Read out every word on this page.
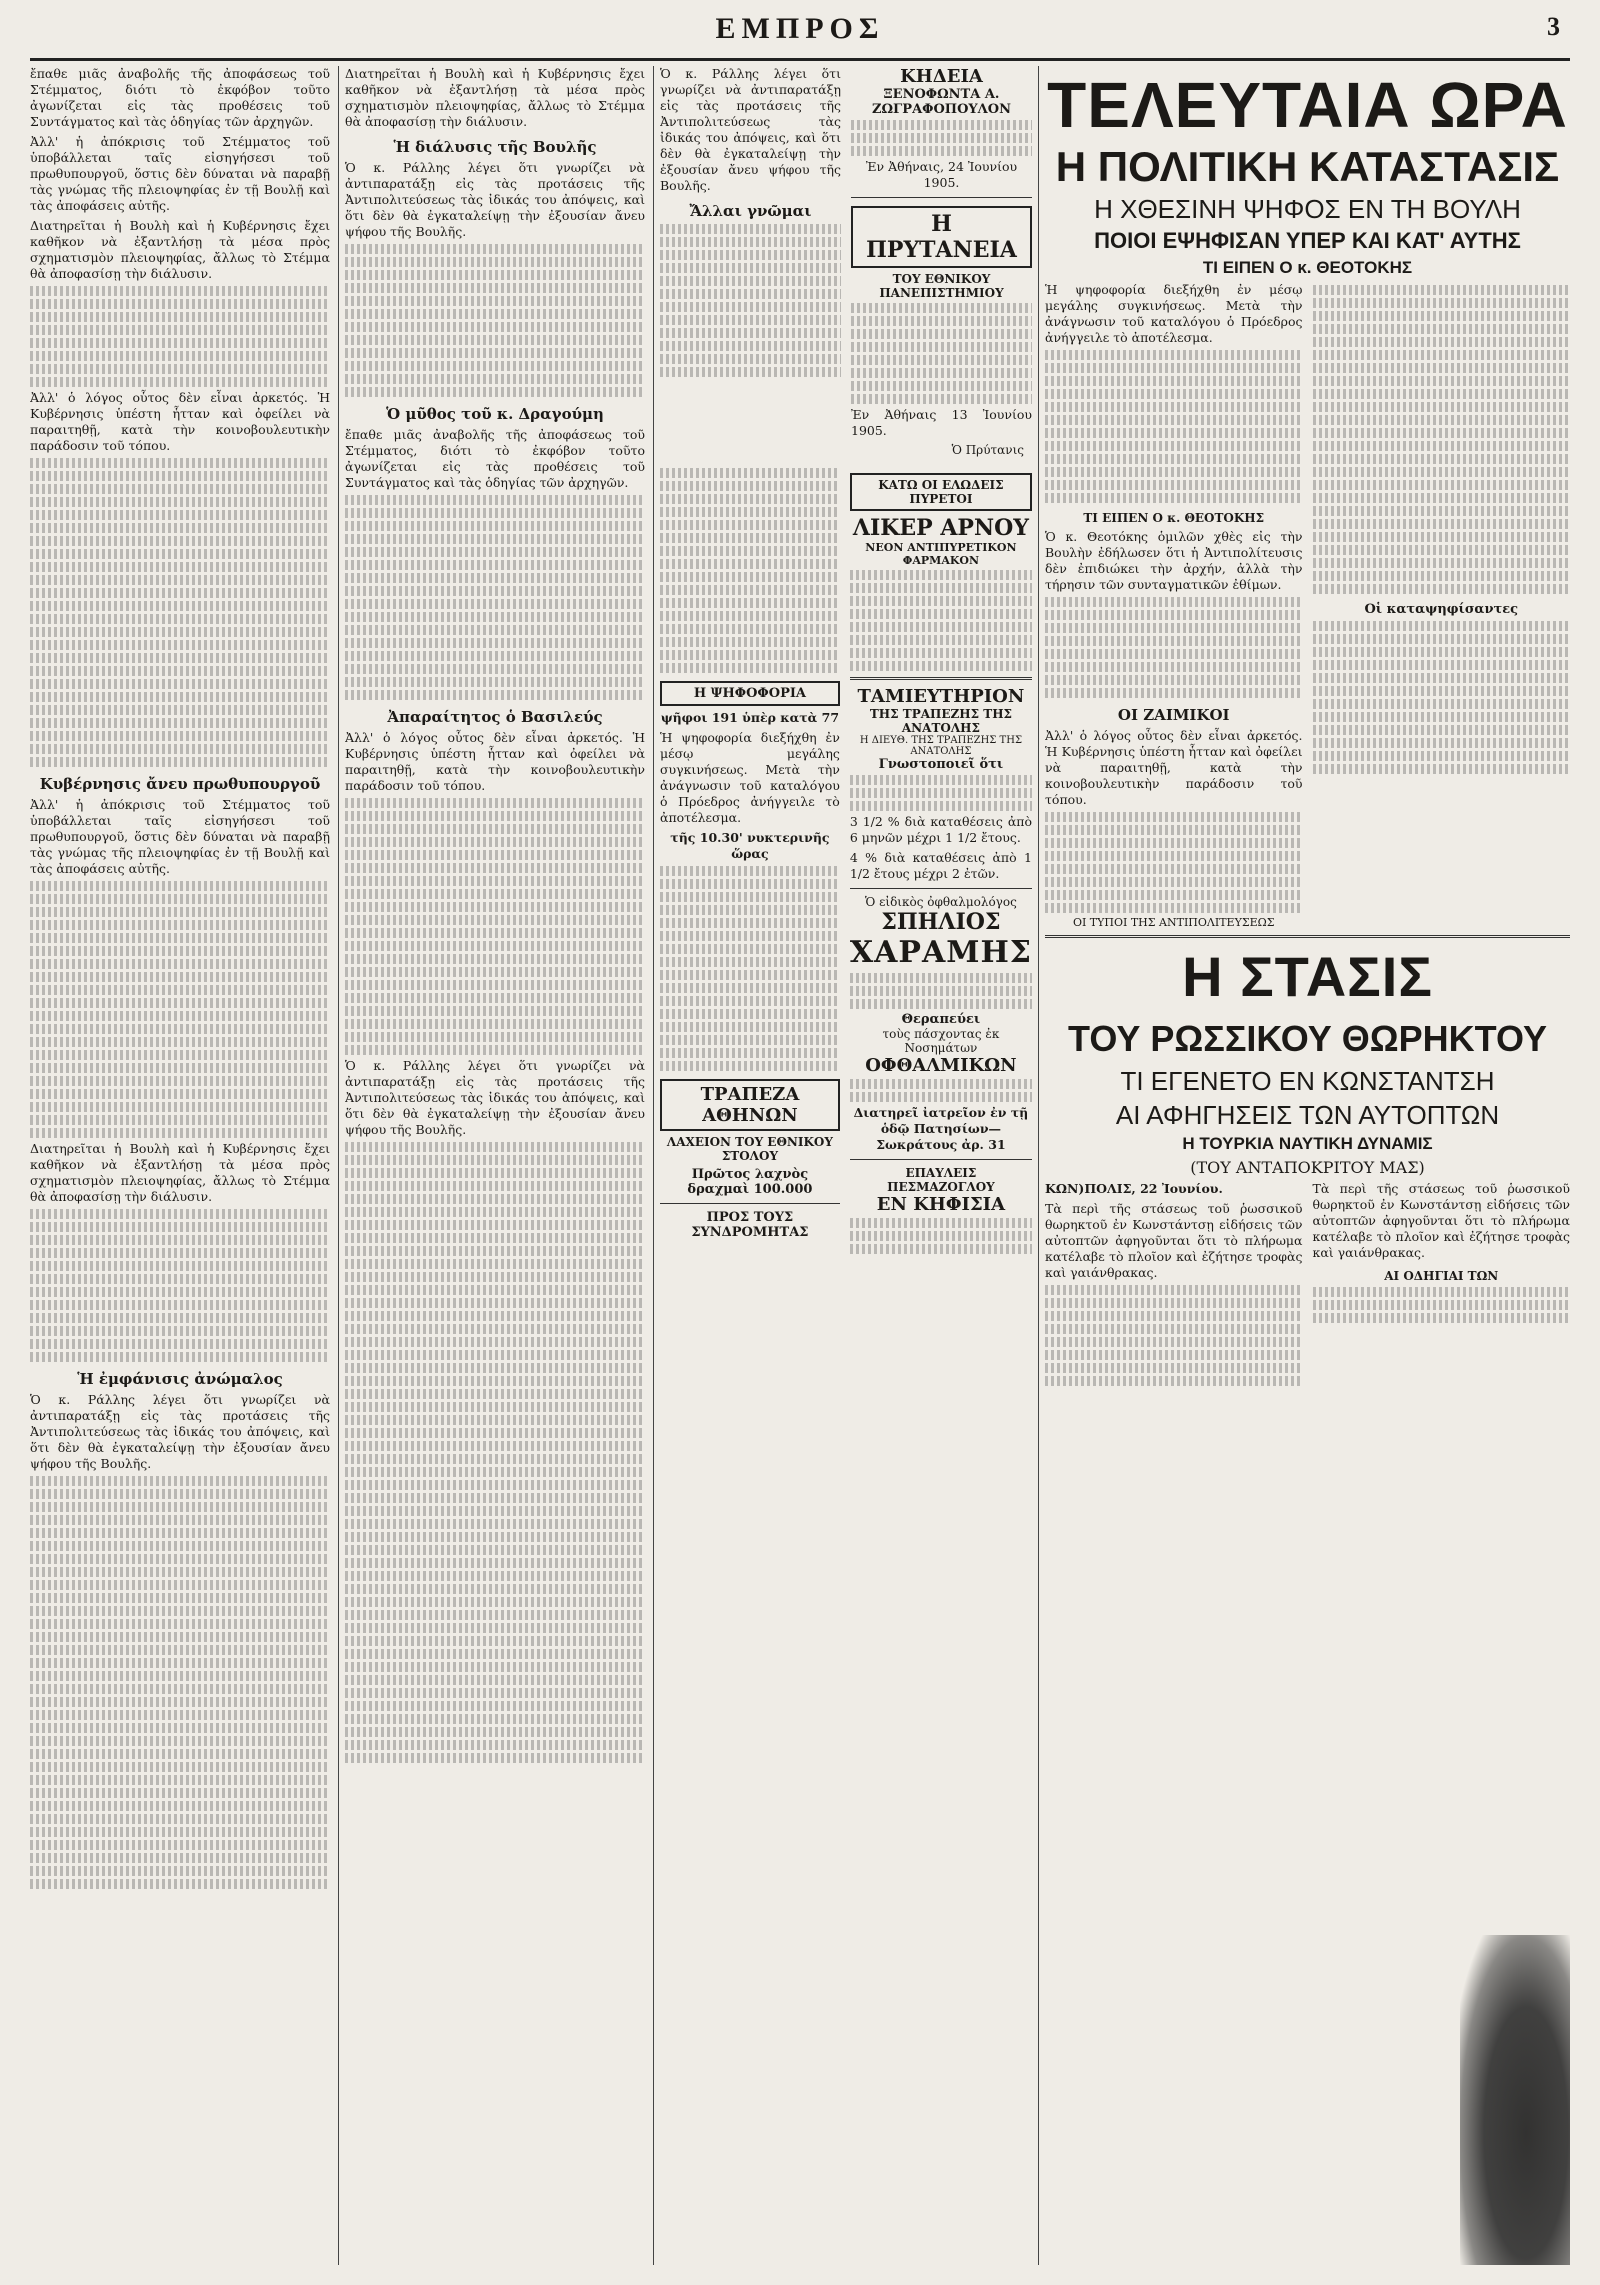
ΕΜΠΡΟΣ	3

ἔπαθε μιᾶς ἀναβολῆς τῆς ἀποφάσεως τοῦ Στέμματος, διότι τὸ ἐκφόβον τοῦτο ἀγωνίζεται εἰς τὰς προθέσεις τοῦ Συντάγματος καὶ τὰς ὁδηγίας τῶν ἀρχηγῶν.

Ἀλλ' ἡ ἀπόκρισις τοῦ Στέμματος τοῦ ὑποβάλλεται ταῖς εἰσηγήσεσι τοῦ πρωθυπουργοῦ, ὅστις δὲν δύναται νὰ παραβῇ τὰς γνώμας τῆς πλειοψηφίας ἐν τῇ Βουλῇ καὶ τὰς ἀποφάσεις αὐτῆς.

Διατηρεῖται ἡ Βουλὴ καὶ ἡ Κυβέρνησις ἔχει καθῆκον νὰ ἐξαντλήσῃ τὰ μέσα πρὸς σχηματισμὸν πλειοψηφίας, ἄλλως τὸ Στέμμα θὰ ἀποφασίσῃ τὴν διάλυσιν.

Ἀλλ' ὁ λόγος οὗτος δὲν εἶναι ἀρκετός. Ἡ Κυβέρνησις ὑπέστη ἧτταν καὶ ὀφείλει νὰ παραιτηθῇ, κατὰ τὴν κοινοβουλευτικὴν παράδοσιν τοῦ τόπου.

Κυβέρνησις ἄνευ πρωθυπουργοῦ

Ἀλλ' ἡ ἀπόκρισις τοῦ Στέμματος τοῦ ὑποβάλλεται ταῖς εἰσηγήσεσι τοῦ πρωθυπουργοῦ, ὅστις δὲν δύναται νὰ παραβῇ τὰς γνώμας τῆς πλειοψηφίας ἐν τῇ Βουλῇ καὶ τὰς ἀποφάσεις αὐτῆς.

Διατηρεῖται ἡ Βουλὴ καὶ ἡ Κυβέρνησις ἔχει καθῆκον νὰ ἐξαντλήσῃ τὰ μέσα πρὸς σχηματισμὸν πλειοψηφίας, ἄλλως τὸ Στέμμα θὰ ἀποφασίσῃ τὴν διάλυσιν.

Ἡ ἐμφάνισις ἀνώμαλος

Ὁ κ. Ράλλης λέγει ὅτι γνωρίζει νὰ ἀντιπαρατάξῃ εἰς τὰς προτάσεις τῆς Ἀντιπολιτεύσεως τὰς ἰδικάς του ἀπόψεις, καὶ ὅτι δὲν θὰ ἐγκαταλείψῃ τὴν ἐξουσίαν ἄνευ ψήφου τῆς Βουλῆς.

Διατηρεῖται ἡ Βουλὴ καὶ ἡ Κυβέρνησις ἔχει καθῆκον νὰ ἐξαντλήσῃ τὰ μέσα πρὸς σχηματισμὸν πλειοψηφίας, ἄλλως τὸ Στέμμα θὰ ἀποφασίσῃ τὴν διάλυσιν.

Ἡ διάλυσις τῆς Βουλῆς

Ὁ κ. Ράλλης λέγει ὅτι γνωρίζει νὰ ἀντιπαρατάξῃ εἰς τὰς προτάσεις τῆς Ἀντιπολιτεύσεως τὰς ἰδικάς του ἀπόψεις, καὶ ὅτι δὲν θὰ ἐγκαταλείψῃ τὴν ἐξουσίαν ἄνευ ψήφου τῆς Βουλῆς.

Ὁ μῦθος τοῦ κ. Δραγούμη

ἔπαθε μιᾶς ἀναβολῆς τῆς ἀποφάσεως τοῦ Στέμματος, διότι τὸ ἐκφόβον τοῦτο ἀγωνίζεται εἰς τὰς προθέσεις τοῦ Συντάγματος καὶ τὰς ὁδηγίας τῶν ἀρχηγῶν.

Ἀπαραίτητος ὁ Βασιλεύς

Ἀλλ' ὁ λόγος οὗτος δὲν εἶναι ἀρκετός. Ἡ Κυβέρνησις ὑπέστη ἧτταν καὶ ὀφείλει νὰ παραιτηθῇ, κατὰ τὴν κοινοβουλευτικὴν παράδοσιν τοῦ τόπου.

Ὁ κ. Ράλλης λέγει ὅτι γνωρίζει νὰ ἀντιπαρατάξῃ εἰς τὰς προτάσεις τῆς Ἀντιπολιτεύσεως τὰς ἰδικάς του ἀπόψεις, καὶ ὅτι δὲν θὰ ἐγκαταλείψῃ τὴν ἐξουσίαν ἄνευ ψήφου τῆς Βουλῆς.

Ὁ κ. Ράλλης λέγει ὅτι γνωρίζει νὰ ἀντιπαρατάξῃ εἰς τὰς προτάσεις τῆς Ἀντιπολιτεύσεως τὰς ἰδικάς του ἀπόψεις, καὶ ὅτι δὲν θὰ ἐγκαταλείψῃ τὴν ἐξουσίαν ἄνευ ψήφου τῆς Βουλῆς.

Ἄλλαι γνῶμαι
ΚΗΔΕΙΑ
ΞΕΝΟΦΩΝΤΑ Α. ΖΩΓΡΑΦΟΠΟΥΛΟΝ
Ἐν Ἀθήναις, 24 Ἰουνίου 1905.
Η ΠΡΥΤΑΝΕΙΑ
ΤΟΥ ΕΘΝΙΚΟΥ ΠΑΝΕΠΙΣΤΗΜΙΟΥ
Ἐν Ἀθήναις 13 Ἰουνίου 1905.
Ὁ Πρύτανις
Η ΨΗΦΟΦΟΡΙΑ
ψῆφοι 191 ὑπὲρ κατὰ 77

Ἡ ψηφοφορία διεξήχθη ἐν μέσῳ μεγάλης συγκινήσεως. Μετὰ τὴν ἀνάγνωσιν τοῦ καταλόγου ὁ Πρόεδρος ἀνήγγειλε τὸ ἀποτέλεσμα.

τῆς 10.30' νυκτερινῆς ὥρας
ΤΡΑΠΕΖΑ ΑΘΗΝΩΝ
ΛΑΧΕΙΟΝ ΤΟΥ ΕΘΝΙΚΟΥ ΣΤΟΛΟΥ
Πρῶτος λαχνὸς δραχμαὶ 100.000
ΠΡΟΣ ΤΟΥΣ ΣΥΝΔΡΟΜΗΤΑΣ
ΚΑΤΩ ΟΙ ΕΛΩΔΕΙΣ ΠΥΡΕΤΟΙ
ΛΙΚΕΡ ΑΡΝΟΥ
ΝΕΟΝ ΑΝΤΙΠΥΡΕΤΙΚΟΝ ΦΑΡΜΑΚΟΝ
ΤΑΜΙΕΥΤΗΡΙΟΝ
ΤΗΣ ΤΡΑΠΕΖΗΣ ΤΗΣ ΑΝΑΤΟΛΗΣ
Η ΔΙΕΥΘ. ΤΗΣ ΤΡΑΠΕΖΗΣ ΤΗΣ ΑΝΑΤΟΛΗΣ
Γνωστοποιεῖ ὅτι
3 1/2 % διὰ καταθέσεις ἀπὸ 6 μηνῶν μέχρι 1 1/2 ἔτους.
4 % διὰ καταθέσεις ἀπὸ 1 1/2 ἔτους μέχρι 2 ἐτῶν.
Ὁ εἰδικὸς ὀφθαλμολόγος
ΣΠΗΛΙΟΣ
ΧΑΡΑΜΗΣ
Θεραπεύει
τοὺς πάσχοντας ἐκ Νοσημάτων
ΟΦΘΑΛΜΙΚΩΝ
Διατηρεῖ ἰατρεῖον ἐν τῇ ὁδῷ Πατησίων—Σωκράτους ἀρ. 31
ΕΠΑΥΛΕΙΣ ΠΕΣΜΑΖΟΓΛΟΥ
ΕΝ ΚΗΦΙΣΙΑ
ΤΕΛΕΥΤΑΙΑ ΩΡΑ
Η ΠΟΛΙΤΙΚΗ ΚΑΤΑΣΤΑΣΙΣ
Η ΧΘΕΣΙΝΗ ΨΗΦΟΣ ΕΝ ΤΗ ΒΟΥΛΗ
ΠΟΙΟΙ ΕΨΗΦΙΣΑΝ ΥΠΕΡ ΚΑΙ ΚΑΤ' ΑΥΤΗΣ
ΤΙ ΕΙΠΕΝ Ο κ. ΘΕΟΤΟΚΗΣ

Ἡ ψηφοφορία διεξήχθη ἐν μέσῳ μεγάλης συγκινήσεως. Μετὰ τὴν ἀνάγνωσιν τοῦ καταλόγου ὁ Πρόεδρος ἀνήγγειλε τὸ ἀποτέλεσμα.

ΤΙ ΕΙΠΕΝ Ο κ. ΘΕΟΤΟΚΗΣ

Ὁ κ. Θεοτόκης ὁμιλῶν χθὲς εἰς τὴν Βουλὴν ἐδήλωσεν ὅτι ἡ Ἀντιπολίτευσις δὲν ἐπιδιώκει τὴν ἀρχήν, ἀλλὰ τὴν τήρησιν τῶν συνταγματικῶν ἐθίμων.

ΟΙ ΖΑΙΜΙΚΟΙ

Ἀλλ' ὁ λόγος οὗτος δὲν εἶναι ἀρκετός. Ἡ Κυβέρνησις ὑπέστη ἧτταν καὶ ὀφείλει νὰ παραιτηθῇ, κατὰ τὴν κοινοβουλευτικὴν παράδοσιν τοῦ τόπου.

ΟΙ ΤΥΠΟΙ ΤΗΣ ΑΝΤΙΠΟΛΙΤΕΥΣΕΩΣ
Οἱ καταψηφίσαντες
Η ΣΤΑΣΙΣ
ΤΟΥ ΡΩΣΣΙΚΟΥ ΘΩΡΗΚΤΟΥ
ΤΙ ΕΓΕΝΕΤΟ ΕΝ ΚΩΝΣΤΑΝΤΣΗ
ΑΙ ΑΦΗΓΗΣΕΙΣ ΤΩΝ ΑΥΤΟΠΤΩΝ
Η ΤΟΥΡΚΙΑ ΝΑΥΤΙΚΗ ΔΥΝΑΜΙΣ
(ΤΟΥ ΑΝΤΑΠΟΚΡΙΤΟΥ ΜΑΣ)
ΚΩΝ)ΠΟΛΙΣ, 22 Ἰουνίου.

Τὰ περὶ τῆς στάσεως τοῦ ῥωσσικοῦ θωρηκτοῦ ἐν Κωνστάντσῃ εἰδήσεις τῶν αὐτοπτῶν ἀφηγοῦνται ὅτι τὸ πλήρωμα κατέλαβε τὸ πλοῖον καὶ ἐζήτησε τροφὰς καὶ γαιάνθρακας.

Τὰ περὶ τῆς στάσεως τοῦ ῥωσσικοῦ θωρηκτοῦ ἐν Κωνστάντσῃ εἰδήσεις τῶν αὐτοπτῶν ἀφηγοῦνται ὅτι τὸ πλήρωμα κατέλαβε τὸ πλοῖον καὶ ἐζήτησε τροφὰς καὶ γαιάνθρακας.

ΑΙ ΟΔΗΓΙΑΙ ΤΩΝ
